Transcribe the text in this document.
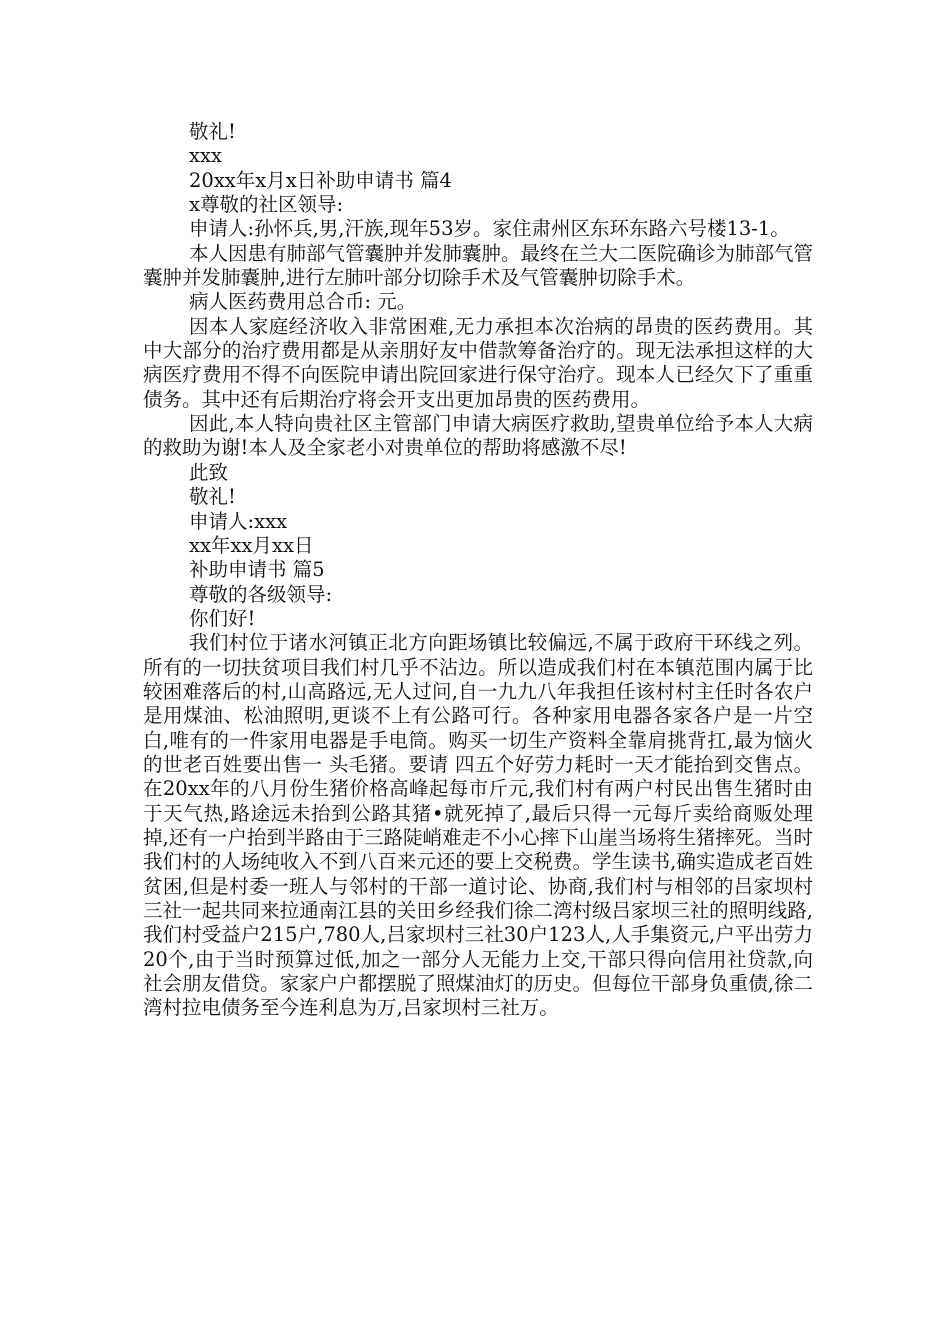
敬礼!
xxx
20xx年x月x日补助申请书 篇4
x尊敬的社区领导:

申请人:孙怀兵,男,汗族,现年53岁。家住肃州区东环东路六号楼13-1。

本人因患有肺部气管囊肿并发肺囊肿。最终在兰大二医院确诊为肺部气管囊肿并发肺囊肿,进行左肺叶部分切除手术及气管囊肿切除手术。

病人医药费用总合币: 元。

因本人家庭经济收入非常困难,无力承担本次治病的昂贵的医药费用。其中大部分的治疗费用都是从亲朋好友中借款筹备治疗的。现无法承担这样的大病医疗费用不得不向医院申请出院回家进行保守治疗。现本人已经欠下了重重债务。其中还有后期治疗将会开支出更加昂贵的医药费用。

因此,本人特向贵社区主管部门申请大病医疗救助,望贵单位给予本人大病的救助为谢!本人及全家老小对贵单位的帮助将感激不尽!

此致
敬礼!
申请人:xxx
xx年xx月xx日
补助申请书 篇5
尊敬的各级领导:
你们好!

我们村位于诸水河镇正北方向距场镇比较偏远,不属于政府干环线之列。所有的一切扶贫项目我们村几乎不沾边。所以造成我们村在本镇范围内属于比较困难落后的村,山高路远,无人过问,自一九九八年我担任该村村主任时各农户是用煤油、松油照明,更谈不上有公路可行。各种家用电器各家各户是一片空白,唯有的一件家用电器是手电筒。购买一切生产资料全靠肩挑背扛,最为恼火的世老百姓要出售一 头毛猪。要请 四五个好劳力耗时一天才能抬到交售点。在20xx年的八月份生猪价格高峰起每市斤元,我们村有两户村民出售生猪时由于天气热,路途远未抬到公路其猪•就死掉了,最后只得一元每斤卖给商贩处理掉,还有一户抬到半路由于三路陡峭难走不小心摔下山崖当场将生猪摔死。当时我们村的人场纯收入不到八百来元还的要上交税费。学生读书,确实造成老百姓贫困,但是村委一班人与邻村的干部一道讨论、协商,我们村与相邻的吕家坝村三社一起共同来拉通南江县的关田乡经我们徐二湾村级吕家坝三社的照明线路,我们村受益户215户,780人,吕家坝村三社30户123人,人手集资元,户平出劳力20个,由于当时预算过低,加之一部分人无能力上交,干部只得向信用社贷款,向社会朋友借贷。家家户户都摆脱了照煤油灯的历史。但每位干部身负重债,徐二湾村拉电债务至今连利息为万,吕家坝村三社万。
